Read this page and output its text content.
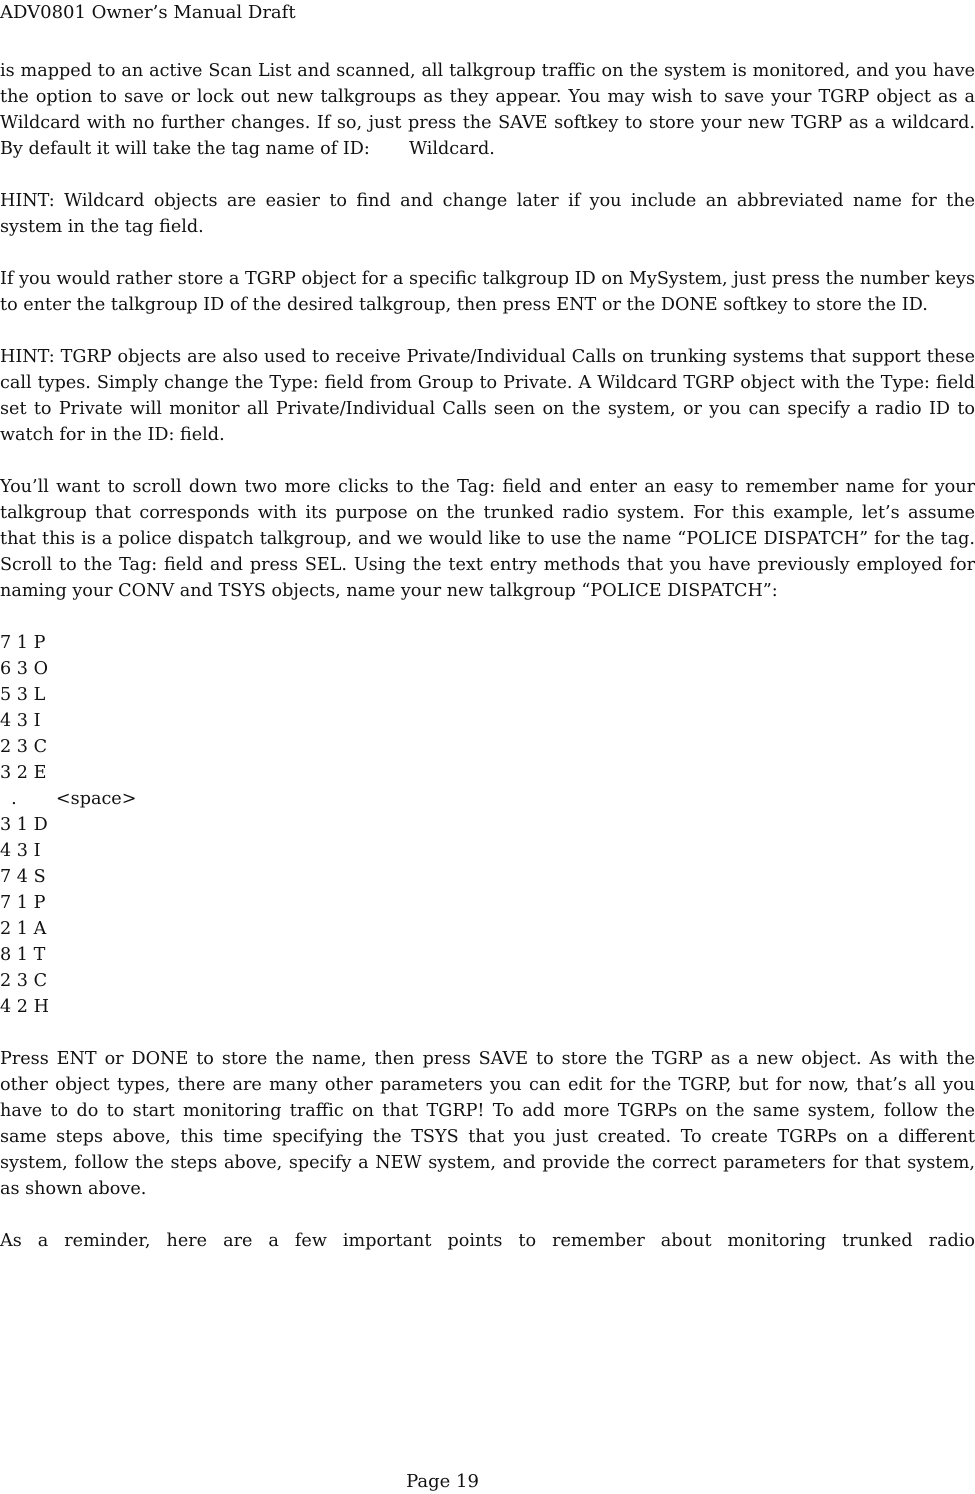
ADV0801 Owner’s Manual Draft

is mapped to an active Scan List and scanned, all talkgroup traffic on the system is monitored, and you have the option to save or lock out new talkgroups as they appear. You may wish to save your TGRP object as a Wildcard with no further changes. If so, just press the SAVE softkey to store your new TGRP as a wildcard. By default it will take the tag name of ID:       Wildcard.

HINT: Wildcard objects are easier to find and change later if you include an abbreviated name for the system in the tag field.

If you would rather store a TGRP object for a specific talkgroup ID on MySystem, just press the number keys to enter the talkgroup ID of the desired talkgroup, then press ENT or the DONE softkey to store the ID.

HINT: TGRP objects are also used to receive Private/Individual Calls on trunking systems that support these call types. Simply change the Type: field from Group to Private. A Wildcard TGRP object with the Type: field set to Private will monitor all Private/Individual Calls seen on the system, or you can specify a radio ID to watch for in the ID: field.

You’ll want to scroll down two more clicks to the Tag: field and enter an easy to remember name for your talkgroup that corresponds with its purpose on the trunked radio system. For this example, let’s assume that this is a police dispatch talkgroup, and we would like to use the name “POLICE DISPATCH” for the tag. Scroll to the Tag: field and press SEL. Using the text entry methods that you have previously employed for naming your CONV and TSYS objects, name your new talkgroup “POLICE DISPATCH”:

7 1 P
6 3 O
5 3 L
4 3 I
2 3 C
3 2 E
.       <space>
3 1 D
4 3 I
7 4 S
7 1 P
2 1 A
8 1 T
2 3 C
4 2 H

Press ENT or DONE to store the name, then press SAVE to store the TGRP as a new object. As with the other object types, there are many other parameters you can edit for the TGRP, but for now, that’s all you have to do to start monitoring traffic on that TGRP! To add more TGRPs on the same system, follow the same steps above, this time specifying the TSYS that you just created. To create TGRPs on a different system, follow the steps above, specify a NEW system, and provide the correct parameters for that system, as shown above.

As a reminder, here are a few important points to remember about monitoring trunked radio

Page 19
